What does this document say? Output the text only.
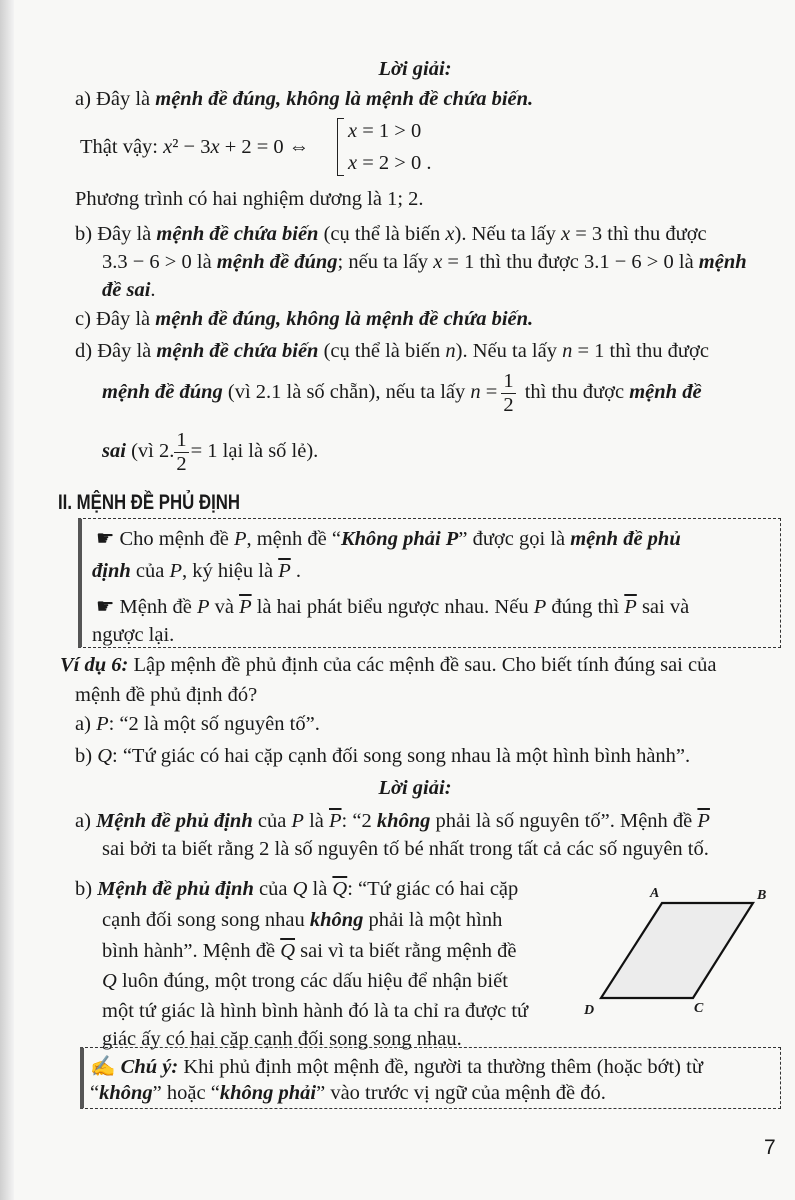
Lời giải:
a) Đây là mệnh đề đúng, không là mệnh đề chứa biến.
Thật vậy: x² − 3x + 2 = 0 ⇔
x = 1 > 0
x = 2 > 0 .
Phương trình có hai nghiệm dương là 1; 2.
b) Đây là mệnh đề chứa biến (cụ thể là biến x). Nếu ta lấy x = 3 thì thu được
3.3 − 6 > 0 là mệnh đề đúng; nếu ta lấy x = 1 thì thu được 3.1 − 6 > 0 là mệnh
đề sai.
c) Đây là mệnh đề đúng, không là mệnh đề chứa biến.
d) Đây là mệnh đề chứa biến (cụ thể là biến n). Nếu ta lấy n = 1 thì thu được
mệnh đề đúng (vì 2.1 là số chẵn), nếu ta lấy $n = \frac{1}{2}$ thì thu được mệnh đề
sai (vì 2. $\frac{1}{2} = 1$ lại là số lẻ).
II. MỆNH ĐỀ PHỦ ĐỊNH
☛ Cho mệnh đề P, mệnh đề “Không phải P” được gọi là mệnh đề phủ
định của P, ký hiệu là $\overline{P}$ .
☛ Mệnh đề P và $\overline{P}$ là hai phát biểu ngược nhau. Nếu P đúng thì $\overline{P}$ sai và
ngược lại.
Ví dụ 6: Lập mệnh đề phủ định của các mệnh đề sau. Cho biết tính đúng sai của
mệnh đề phủ định đó?
a) P: “2 là một số nguyên tố”.
b) Q: “Tứ giác có hai cặp cạnh đối song song nhau là một hình bình hành”.
Lời giải:
a) Mệnh đề phủ định của P là $\overline{P}$: “2 không phải là số nguyên tố”. Mệnh đề $\overline{P}$
sai bởi ta biết rằng 2 là số nguyên tố bé nhất trong tất cả các số nguyên tố.
b) Mệnh đề phủ định của Q là $\overline{Q}$: “Tứ giác có hai cặp
cạnh đối song song nhau không phải là một hình
bình hành”. Mệnh đề $\overline{Q}$ sai vì ta biết rằng mệnh đề
Q luôn đúng, một trong các dấu hiệu để nhận biết
một tứ giác là hình bình hành đó là ta chỉ ra được tứ
giác ấy có hai cặp cạnh đối song song nhau.
A	B
C
D
✍ Chú ý: Khi phủ định một mệnh đề, người ta thường thêm (hoặc bớt) từ
“không” hoặc “không phải” vào trước vị ngữ của mệnh đề đó.
7
